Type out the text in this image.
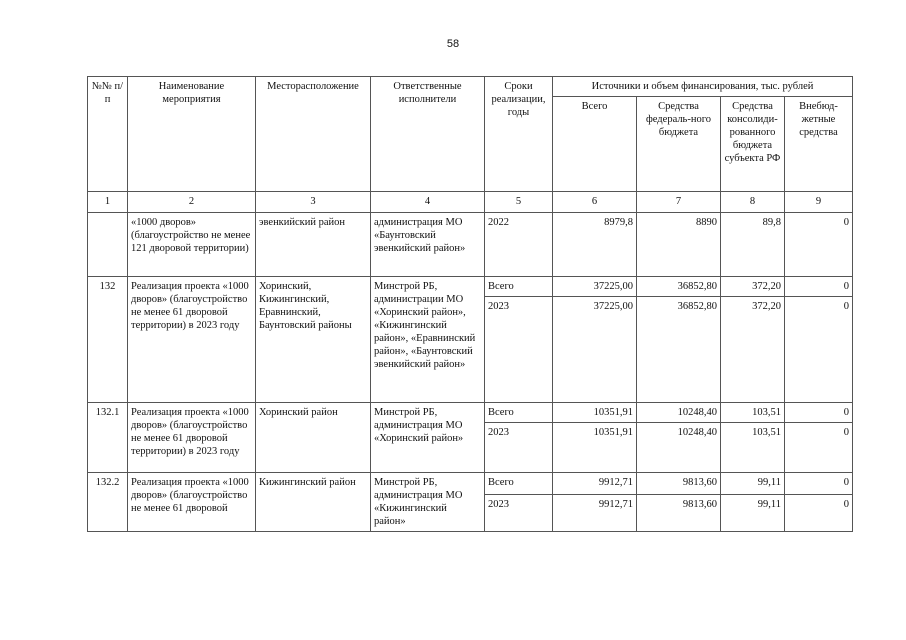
58
№№ п/п	Наименование мероприятия	Месторасположение	Ответственные исполнители	Сроки реализации, годы	Источники и объем финансирования, тыс. рублей			
					Всего	Средства федераль-ного бюджета	Средства консолиди-рованного бюджета субъекта РФ	Внебюд-жетные средства
1	2	3	4	5	6	7	8	9
	«1000 дворов» (благоустройство не менее 121 дворовой территории)	эвенкийский район	администрация МО «Баунтовский эвенкийский район»	2022	8979,8	8890	89,8	0
132	Реализация проекта «1000 дворов» (благоустройство не менее 61 дворовой территории) в 2023 году	Хоринский, Кижингинский, Еравнинский, Баунтовский районы	Минстрой РБ, администрации МО «Хоринский район», «Кижингинский район», «Еравнинский район», «Баунтовский эвенкийский район»	Всего	37225,00	36852,80	372,20	0
				2023	37225,00	36852,80	372,20	0
132.1	Реализация проекта «1000 дворов» (благоустройство не менее 61 дворовой территории) в 2023 году	Хоринский район	Минстрой РБ, администрация МО «Хоринский район»	Всего	10351,91	10248,40	103,51	0
				2023	10351,91	10248,40	103,51	0
132.2	Реализация проекта «1000 дворов» (благоустройство не менее 61 дворовой	Кижингинский район	Минстрой РБ, администрация МО «Кижингинский район»	Всего	9912,71	9813,60	99,11	0
				2023	9912,71	9813,60	99,11	0
